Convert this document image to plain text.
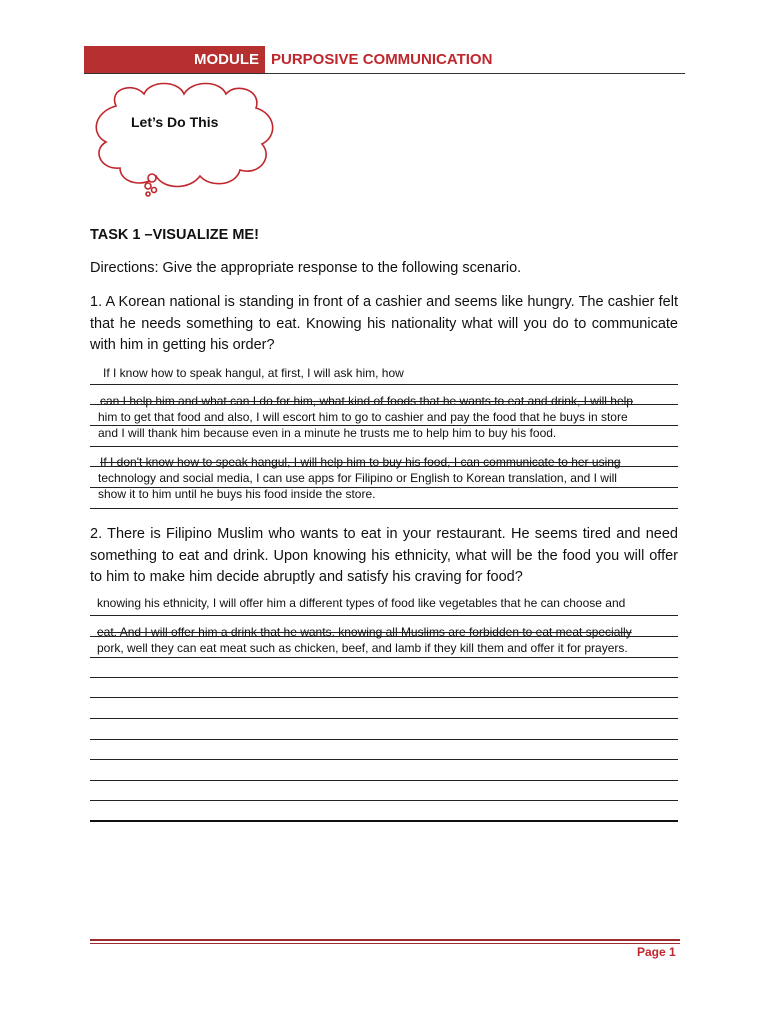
MODULE PURPOSIVE COMMUNICATION
Let’s Do This
TASK 1 –VISUALIZE ME!
Directions: Give the appropriate response to the following scenario.
1. A Korean national is standing in front of a cashier and seems like hungry. The cashier felt that he needs something to eat. Knowing his nationality what will you do to communicate with him in getting his order?
If I know how to speak hangul, at first, I will ask him, how
can I help him and what can I do for him, what kind of foods that he wants to eat and drink, I will help
him to get that food and also, I will escort him to go to cashier and pay the food that he buys in store
and I will thank him because even in a minute he trusts me to help him to buy his food.
If I don't know how to speak hangul, I will help him to buy his food, I can communicate to her using
technology and social media, I can use apps for Filipino or English to Korean translation, and I will
show it to him until he buys his food inside the store.
2. There is Filipino Muslim who wants to eat in your restaurant. He seems tired and need something to eat and drink. Upon knowing his ethnicity, what will be the food you will offer to him to make him decide abruptly and satisfy his craving for food?
knowing his ethnicity, I will offer him a different types of food like vegetables that he can choose and
eat. And I will offer him a drink that he wants. knowing all Muslims are forbidden to eat meat specially
pork, well they can eat meat such as chicken, beef, and lamb if they kill them and offer it for prayers.
Page 1
